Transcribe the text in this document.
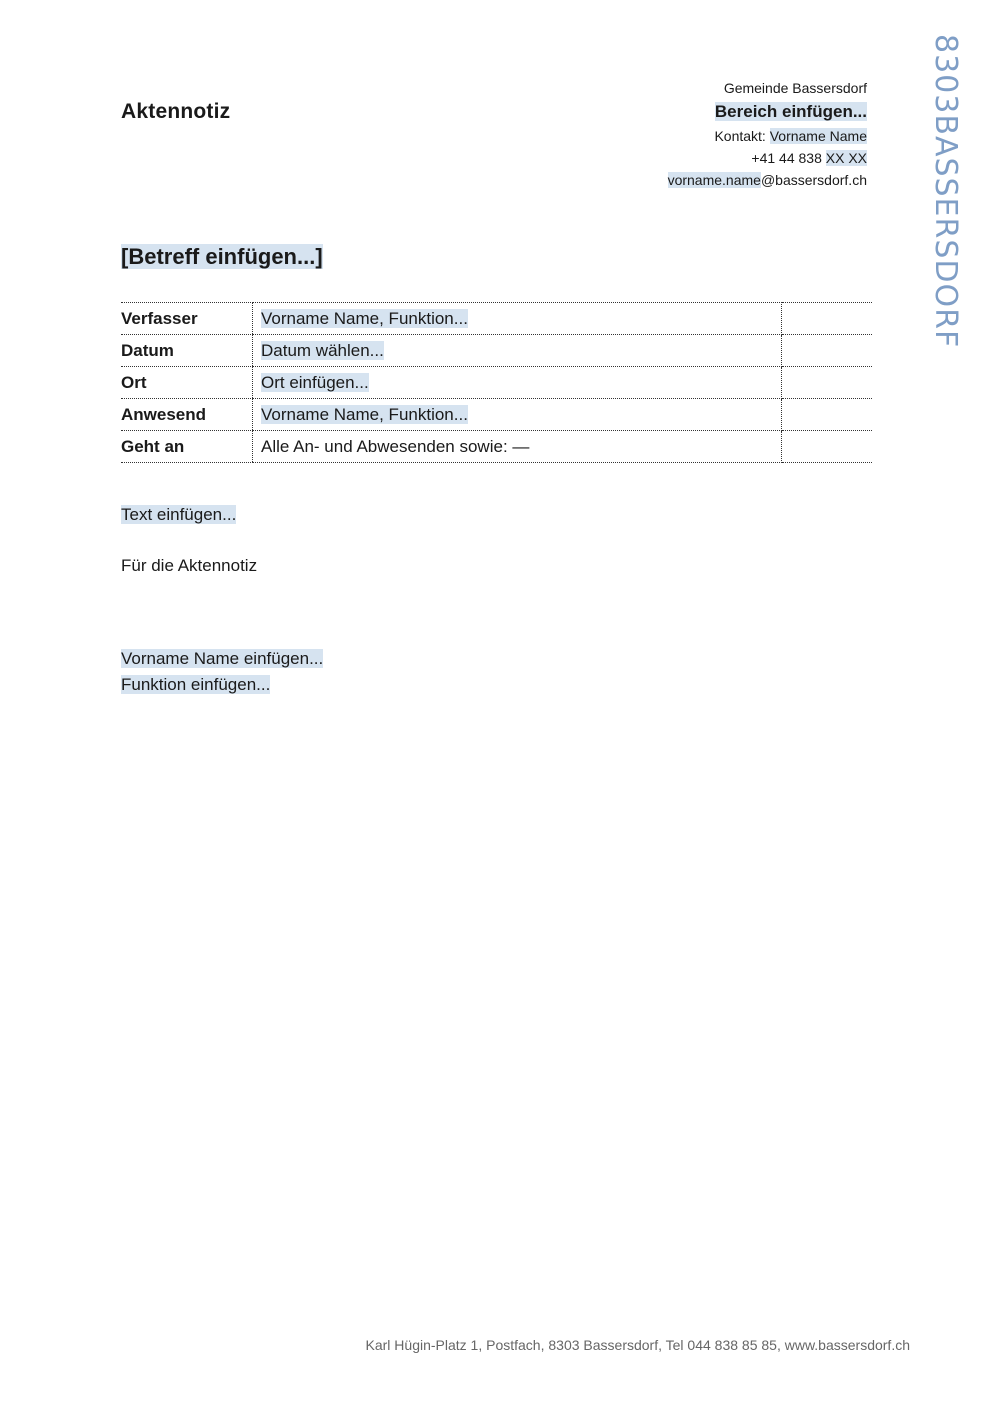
Aktennotiz
Gemeinde Bassersdorf
Bereich einfügen...
Kontakt: Vorname Name
+41 44 838 XX XX
vorname.name@bassersdorf.ch
8303BASSERSDORF
[Betreff einfügen...]
Verfasser	Vorname Name, Funktion...	
Datum	Datum wählen...	
Ort	Ort einfügen...	
Anwesend	Vorname Name, Funktion...	
Geht an	Alle An- und Abwesenden sowie: —	
Text einfügen...
Für die Aktennotiz
Vorname Name einfügen...
Funktion einfügen...
Karl Hügin-Platz 1, Postfach, 8303 Bassersdorf, Tel 044 838 85 85, www.bassersdorf.ch
